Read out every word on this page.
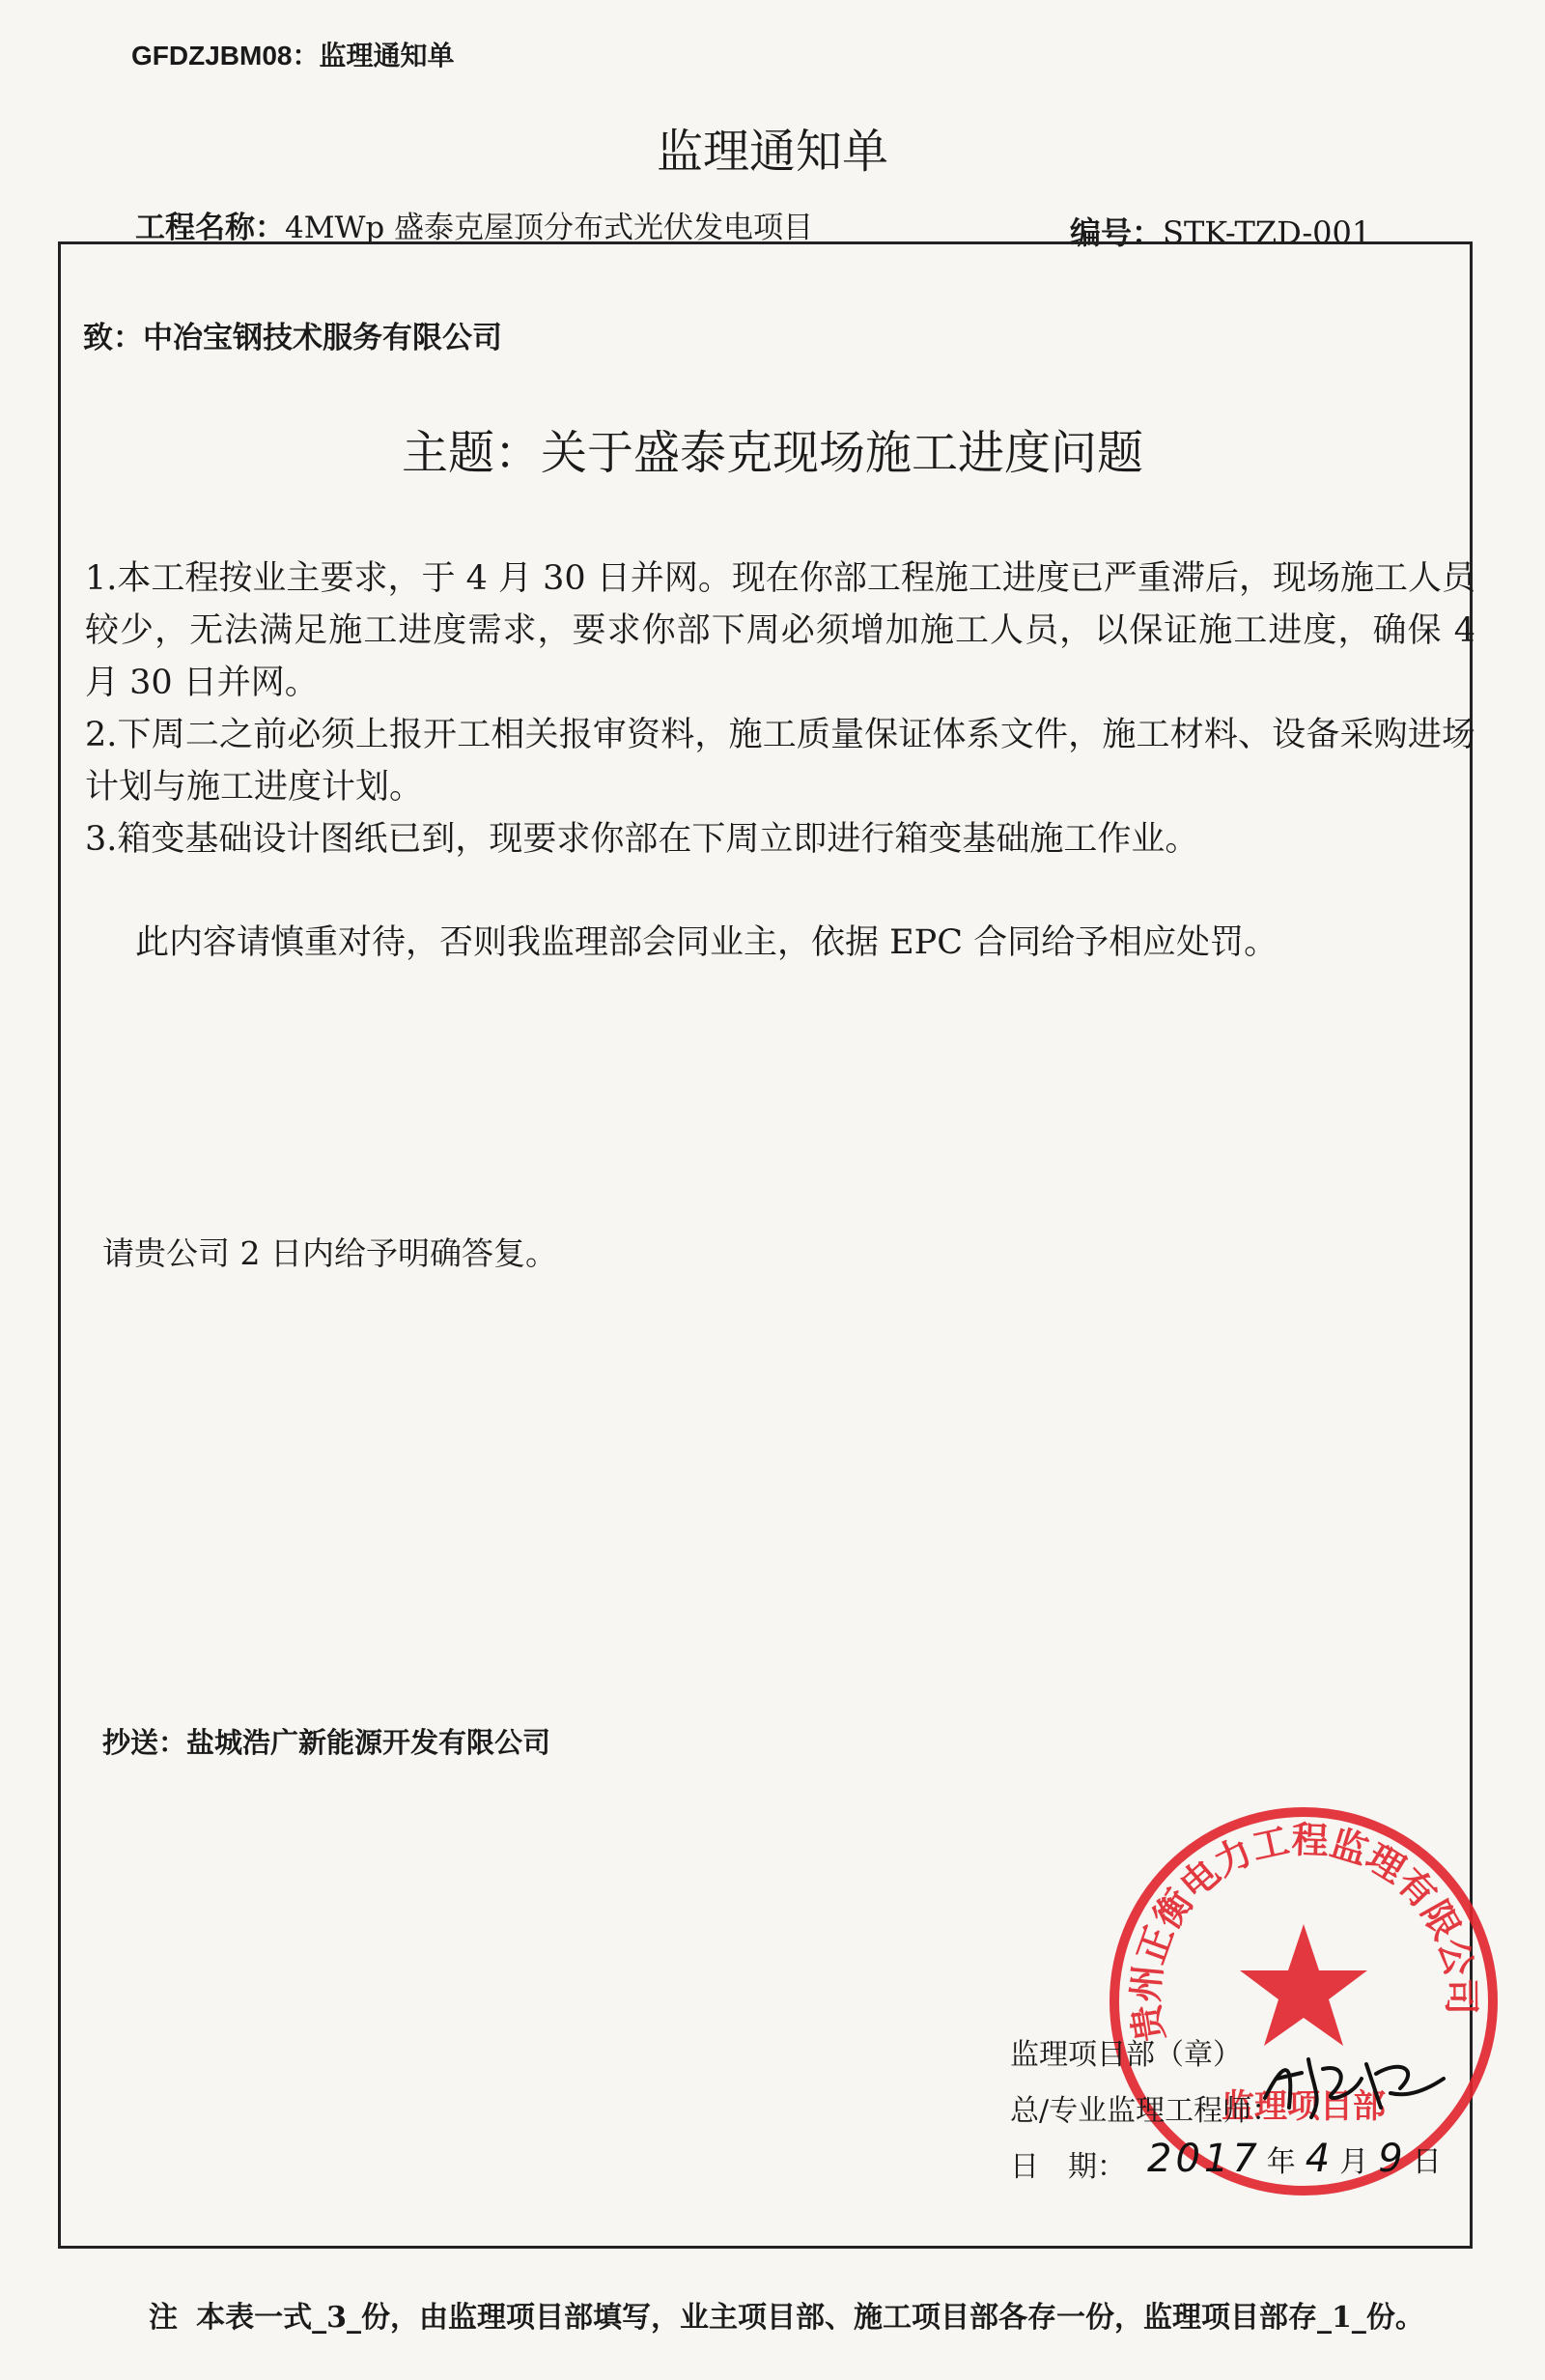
GFDZJBM08：监理通知单
监理通知单
工程名称：4MWp 盛泰克屋顶分布式光伏发电项目	编号：STK-TZD-001
致：中冶宝钢技术服务有限公司
主题：关于盛泰克现场施工进度问题
1.本工程按业主要求，于 4 月 30 日并网。现在你部工程施工进度已严重滞后，现场施工人员较少，无法满足施工进度需求，要求你部下周必须增加施工人员，以保证施工进度，确保 4 月 30 日并网。
2.下周二之前必须上报开工相关报审资料，施工质量保证体系文件，施工材料、设备采购进场计划与施工进度计划。
3.箱变基础设计图纸已到，现要求你部在下周立即进行箱变基础施工作业。
此内容请慎重对待，否则我监理部会同业主，依据 EPC 合同给予相应处罚。
请贵公司 2 日内给予明确答复。
抄送：盐城浩广新能源开发有限公司
贵州正衡电力工程监理有限公司
监理项目部
监理项目部（章）
总/专业监理工程师：
日　期： 2017 年 4 月 9 日
注 本表一式_3_份，由监理项目部填写，业主项目部、施工项目部各存一份，监理项目部存_1_份。
